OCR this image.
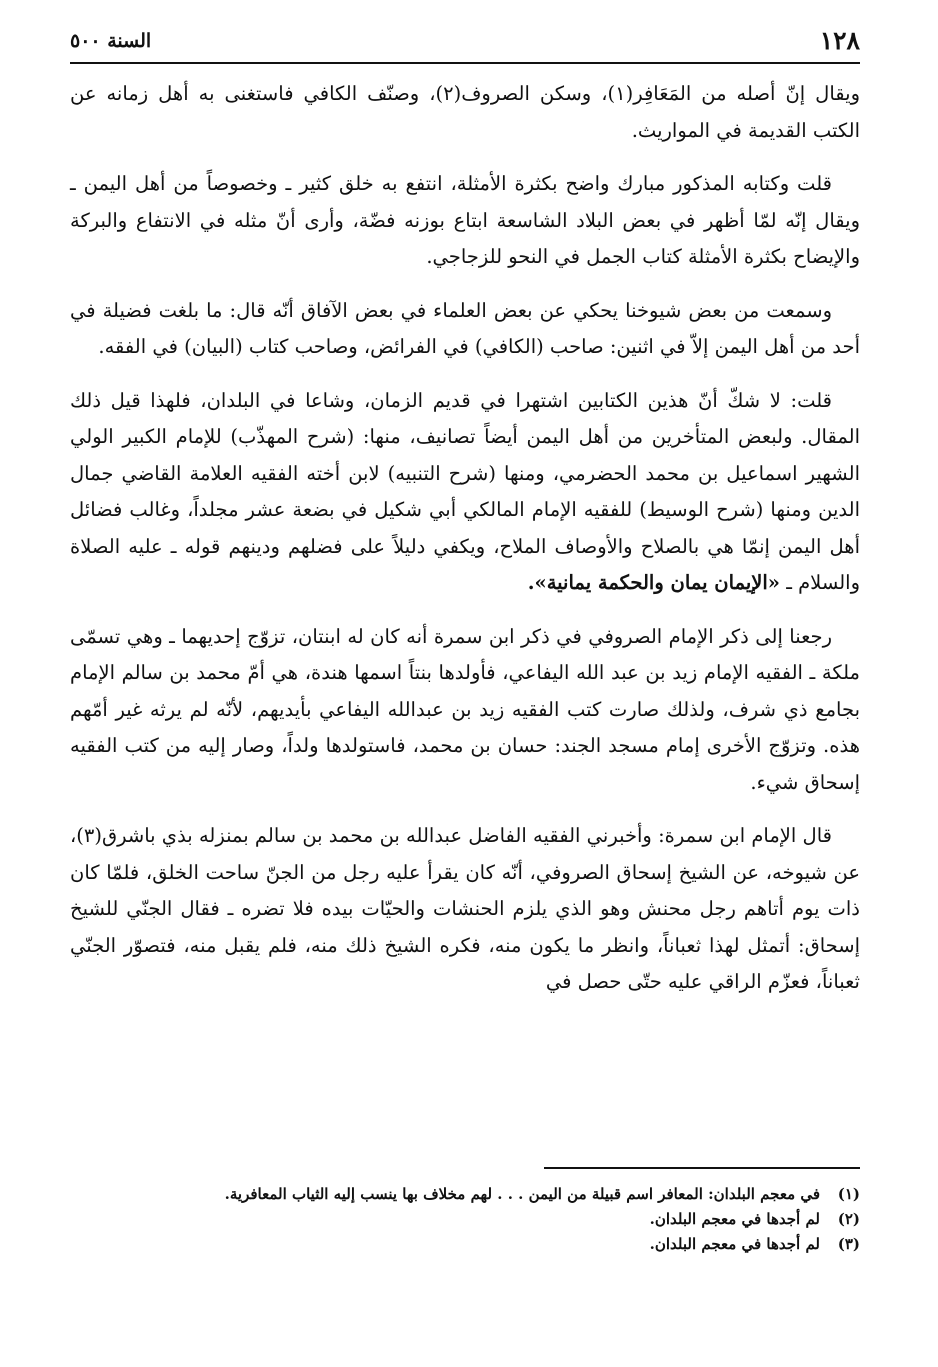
١٢٨
السنة ٥٠٠

ويقال إنّ أصله من المَعَافِر(١)، وسكن الصروف(٢)، وصنّف الكافي فاستغنى به أهل زمانه عن الكتب القديمة في المواريث.

قلت وكتابه المذكور مبارك واضح بكثرة الأمثلة، انتفع به خلق كثير ـ وخصوصاً من أهل اليمن ـ ويقال إنّه لمّا أظهر في بعض البلاد الشاسعة ابتاع بوزنه فضّة، وأرى أنّ مثله في الانتفاع والبركة والإيضاح بكثرة الأمثلة كتاب الجمل في النحو للزجاجي.

وسمعت من بعض شيوخنا يحكي عن بعض العلماء في بعض الآفاق أنّه قال: ما بلغت فضيلة في أحد من أهل اليمن إلاّ في اثنين: صاحب (الكافي) في الفرائض، وصاحب كتاب (البيان) في الفقه.

قلت: لا شكّ أنّ هذين الكتابين اشتهرا في قديم الزمان، وشاعا في البلدان، فلهذا قيل ذلك المقال. ولبعض المتأخرين من أهل اليمن أيضاً تصانيف، منها: (شرح المهذّب) للإمام الكبير الولي الشهير اسماعيل بن محمد الحضرمي، ومنها (شرح التنبيه) لابن أخته الفقيه العلامة القاضي جمال الدين ومنها (شرح الوسيط) للفقيه الإمام المالكي أبي شكيل في بضعة عشر مجلداً، وغالب فضائل أهل اليمن إنمّا هي بالصلاح والأوصاف الملاح، ويكفي دليلاً على فضلهم ودينهم قوله ـ عليه الصلاة والسلام ـ «الإيمان يمان والحكمة يمانية».

رجعنا إلى ذكر الإمام الصروفي في ذكر ابن سمرة أنه كان له ابنتان، تزوّج إحديهما ـ وهي تسمّى ملكة ـ الفقيه الإمام زيد بن عبد الله اليفاعي، فأولدها بنتاً اسمها هندة، هي أمّ محمد بن سالم الإمام بجامع ذي شرف، ولذلك صارت كتب الفقيه زيد بن عبدالله اليفاعي بأيديهم، لأنّه لم يرثه غير أمّهم هذه. وتزوّج الأخرى إمام مسجد الجند: حسان بن محمد، فاستولدها ولداً، وصار إليه من كتب الفقيه إسحاق شيء.

قال الإمام ابن سمرة: وأخبرني الفقيه الفاضل عبدالله بن محمد بن سالم بمنزله بذي باشرق(٣)، عن شيوخه، عن الشيخ إسحاق الصروفي، أنّه كان يقرأ عليه رجل من الجنّ ساحت الخلق، فلمّا كان ذات يوم أتاهم رجل محنش وهو الذي يلزم الحنشات والحيّات بيده فلا تضره ـ فقال الجنّي للشيخ إسحاق: أتمثل لهذا ثعباناً، وانظر ما يكون منه، فكره الشيخ ذلك منه، فلم يقبل منه، فتصوّر الجنّي ثعباناً، فعزّم الراقي عليه حتّى حصل في

(١)
في معجم البلدان: المعافر اسم قبيلة من اليمن . . . لهم مخلاف بها ينسب إليه الثياب المعافرية.
(٢)
لم أجدها في معجم البلدان.
(٣)
لم أجدها في معجم البلدان.
